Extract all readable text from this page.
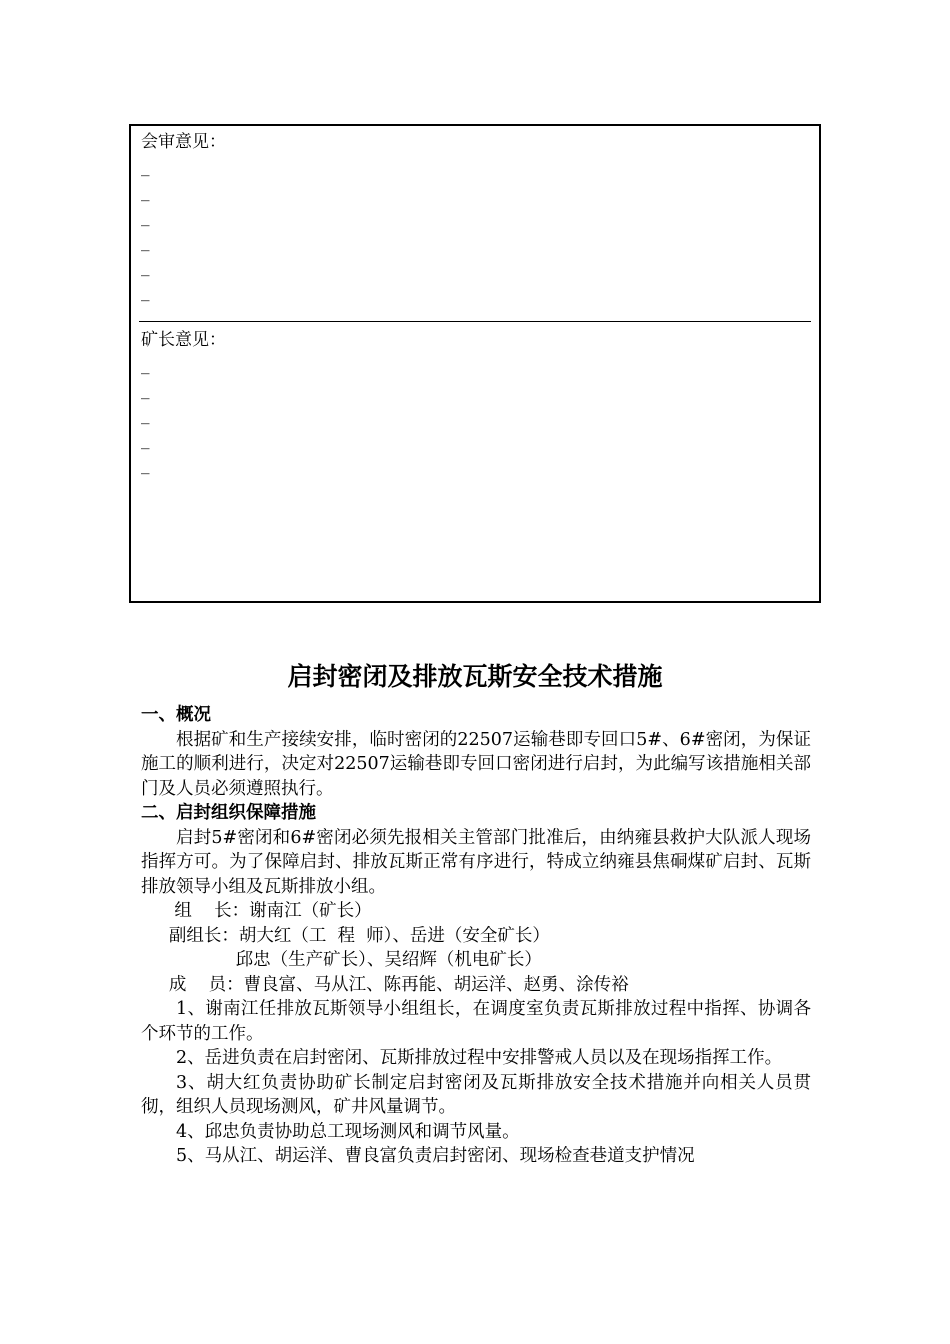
会审意见：
_
_
_
_
_
_
矿长意见：
_
_
_
_
_
启封密闭及排放瓦斯安全技术措施
一、概况

根据矿和生产接续安排，临时密闭的22507运输巷即专回口5#、6#密闭，为保证施工的顺利进行，决定对22507运输巷即专回口密闭进行启封，为此编写该措施相关部门及人员必须遵照执行。

二、启封组织保障措施

启封5#密闭和6#密闭必须先报相关主管部门批准后，由纳雍县救护大队派人现场指挥方可。为了保障启封、排放瓦斯正常有序进行，特成立纳雍县焦硐煤矿启封、瓦斯排放领导小组及瓦斯排放小组。

组    长：谢南江（矿长）
副组长：胡大红（工  程  师）、岳进（安全矿长）
邱忠（生产矿长）、吴绍辉（机电矿长）
成    员：曹良富、马从江、陈再能、胡运洋、赵勇、涂传裕

1、谢南江任排放瓦斯领导小组组长，在调度室负责瓦斯排放过程中指挥、协调各个环节的工作。

2、岳进负责在启封密闭、瓦斯排放过程中安排警戒人员以及在现场指挥工作。

3、胡大红负责协助矿长制定启封密闭及瓦斯排放安全技术措施并向相关人员贯彻，组织人员现场测风，矿井风量调节。

4、邱忠负责协助总工现场测风和调节风量。

5、马从江、胡运洋、曹良富负责启封密闭、现场检查巷道支护情况
